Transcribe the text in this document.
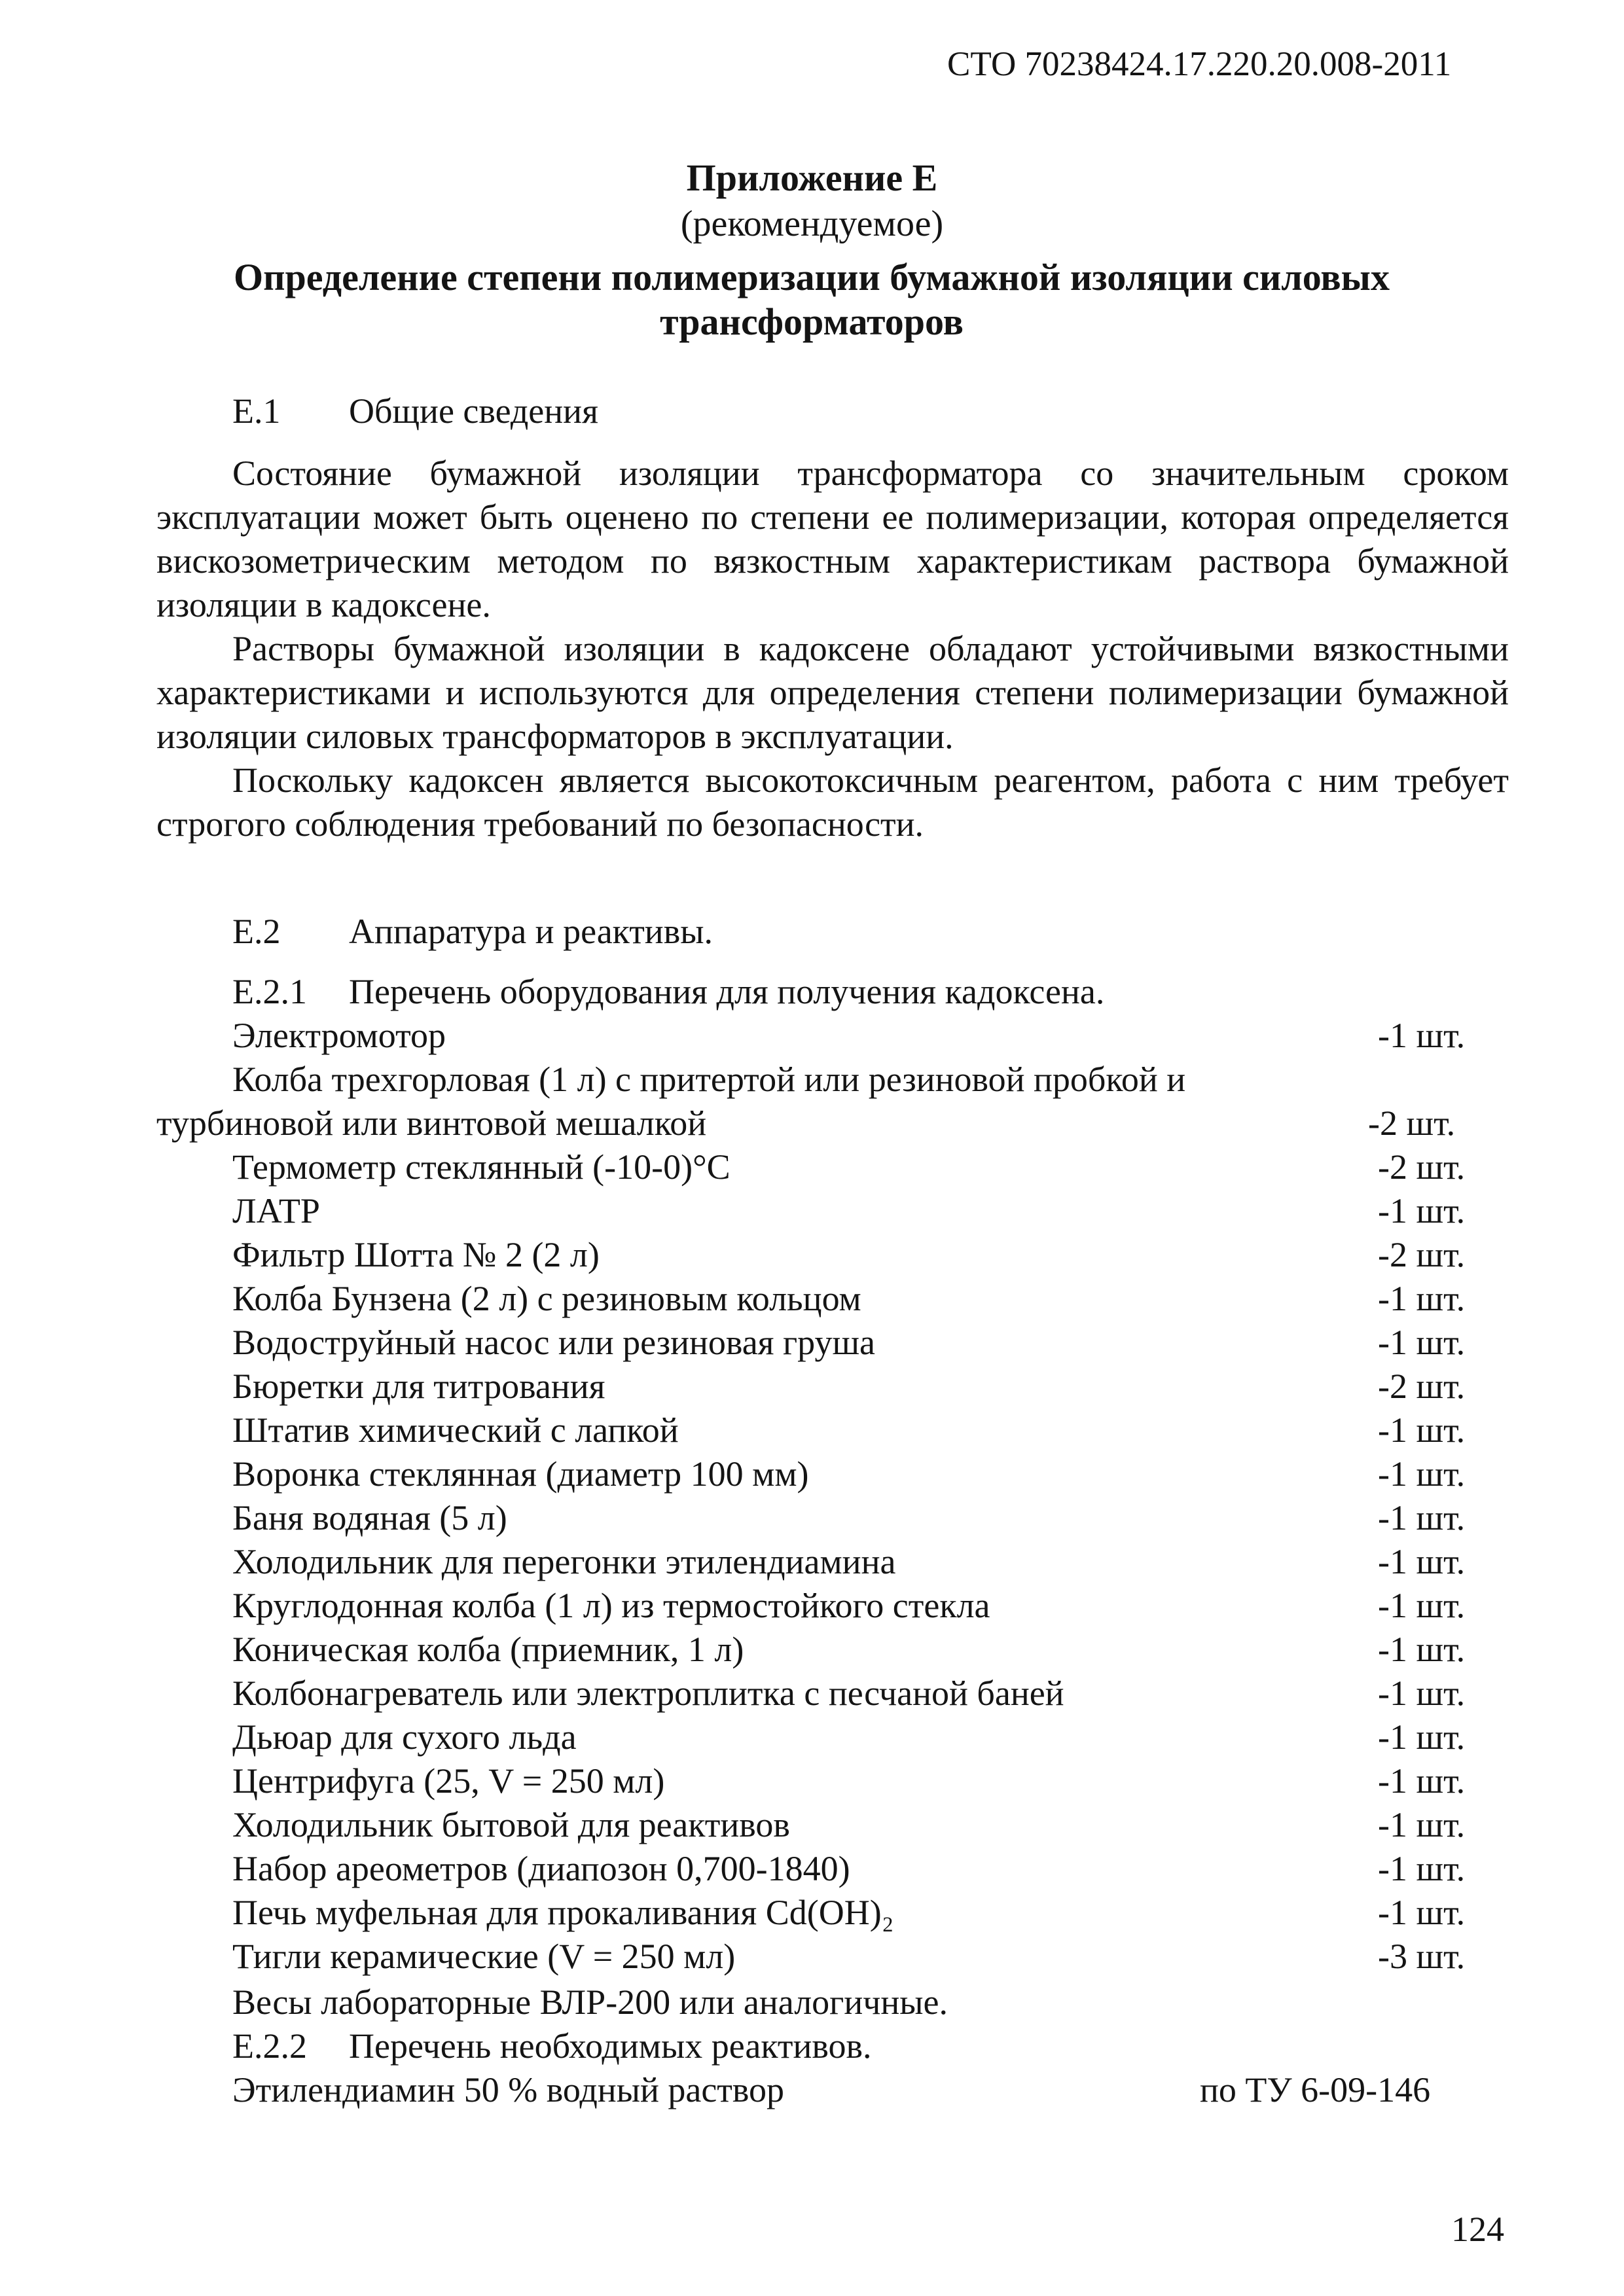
СТО 70238424.17.220.20.008-2011
Приложение Е
(рекомендуемое)
Определение степени полимеризации бумажной изоляции силовых трансформаторов
Е.1 Общие сведения
Состояние бумажной изоляции трансформатора со значительным сроком эксплуатации может быть оценено по степени ее полимеризации, которая определяется вискозометрическим методом по вязкостным характеристикам раствора бумажной изоляции в кадоксене.
Растворы бумажной изоляции в кадоксене обладают устойчивыми вязкостными характеристиками и используются для определения степени полимеризации бумажной изоляции силовых трансформаторов в эксплуатации.
Поскольку кадоксен является высокотоксичным реагентом, работа с ним требует строгого соблюдения требований по безопасности.
Е.2 Аппаратура и реактивы.
Е.2.1 Перечень оборудования для получения кадоксена.
Электромотор	-1 шт.
Колба трехгорловая (1 л) с притертой или резиновой пробкой и
турбиновой или винтовой мешалкой	-2 шт.
Термометр стеклянный (-10-0)°С	-2 шт.
ЛАТР	-1 шт.
Фильтр Шотта № 2 (2 л)	-2 шт.
Колба Бунзена (2 л) с резиновым кольцом	-1 шт.
Водоструйный насос или резиновая груша	-1 шт.
Бюретки для титрования	-2 шт.
Штатив химический с лапкой	-1 шт.
Воронка стеклянная (диаметр 100 мм)	-1 шт.
Баня водяная (5 л)	-1 шт.
Холодильник для перегонки этилендиамина	-1 шт.
Круглодонная колба (1 л) из термостойкого стекла	-1 шт.
Коническая колба (приемник, 1 л)	-1 шт.
Колбонагреватель или электроплитка с песчаной баней	-1 шт.
Дьюар для сухого льда	-1 шт.
Центрифуга (25, V = 250 мл)	-1 шт.
Холодильник бытовой для реактивов	-1 шт.
Набор ареометров (диапозон 0,700-1840)	-1 шт.
Печь муфельная для прокаливания Cd(OH)₂	-1 шт.
Тигли керамические (V = 250 мл)	-3 шт.
Весы лабораторные ВЛР-200 или аналогичные.
Е.2.2 Перечень необходимых реактивов.
Этилендиамин 50 % водный раствор	по ТУ 6-09-146
124
